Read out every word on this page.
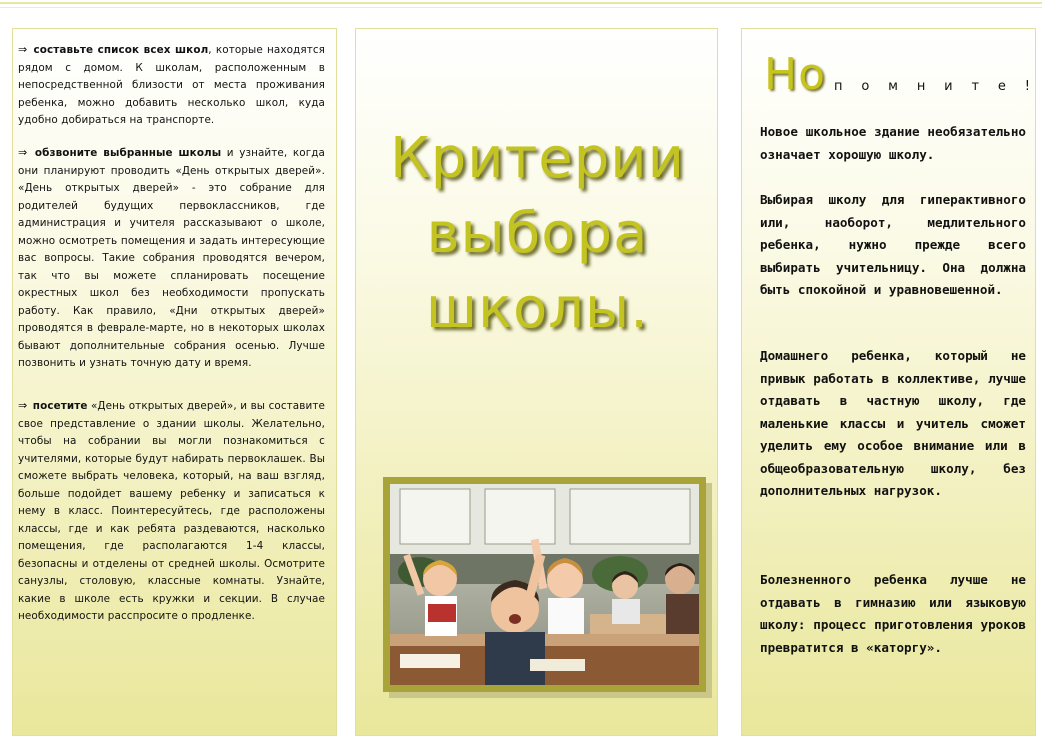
⇒ составьте список всех школ, которые находятся рядом с домом. К школам, расположенным в непосредственной близости от места проживания ребенка, можно добавить несколько школ, куда удобно добираться на транспорте.
⇒ обзвоните выбранные школы и узнайте, когда они планируют проводить «День открытых дверей». «День открытых дверей» - это собрание для родителей будущих первоклассников, где администрация и учителя рассказывают о школе, можно осмотреть помещения и задать интересующие вас вопросы. Такие собрания проводятся вечером, так что вы можете спланировать посещение окрестных школ без необходимости пропускать работу. Как правило, «Дни открытых дверей» проводятся в феврале-марте, но в некоторых школах бывают дополнительные собрания осенью. Лучше позвонить и узнать точную дату и время.
⇒ посетите «День открытых дверей», и вы составите свое представление о здании школы. Желательно, чтобы на собрании вы могли познакомиться с учителями, которые будут набирать первоклашек. Вы сможете выбрать человека, который, на ваш взгляд, больше подойдет вашему ребенку и записаться к нему в класс. Поинтересуйтесь, где расположены классы, где и как ребята раздеваются, насколько помещения, где располагаются 1-4 классы, безопасны и отделены от средней школы. Осмотрите санузлы, столовую, классные комнаты. Узнайте, какие в школе есть кружки и секции. В случае необходимости расспросите о продленке.
Критерии
выбора
школы.
Но п о м н и т е !
Новое школьное здание необязательно означает хорошую школу.
Выбирая школу для гиперактивного или, наоборот, медлительного ребенка, нужно прежде всего выбирать учительницу. Она должна быть спокойной и уравновешенной.
Домашнего ребенка, который не привык работать в коллективе, лучше отдавать в частную школу, где маленькие классы и учитель сможет уделить ему особое внимание или в общеобразовательную школу, без дополнительных нагрузок.
Болезненного ребенка лучше не отдавать в гимназию или языковую школу: процесс приготовления уроков превратится в «каторгу».
